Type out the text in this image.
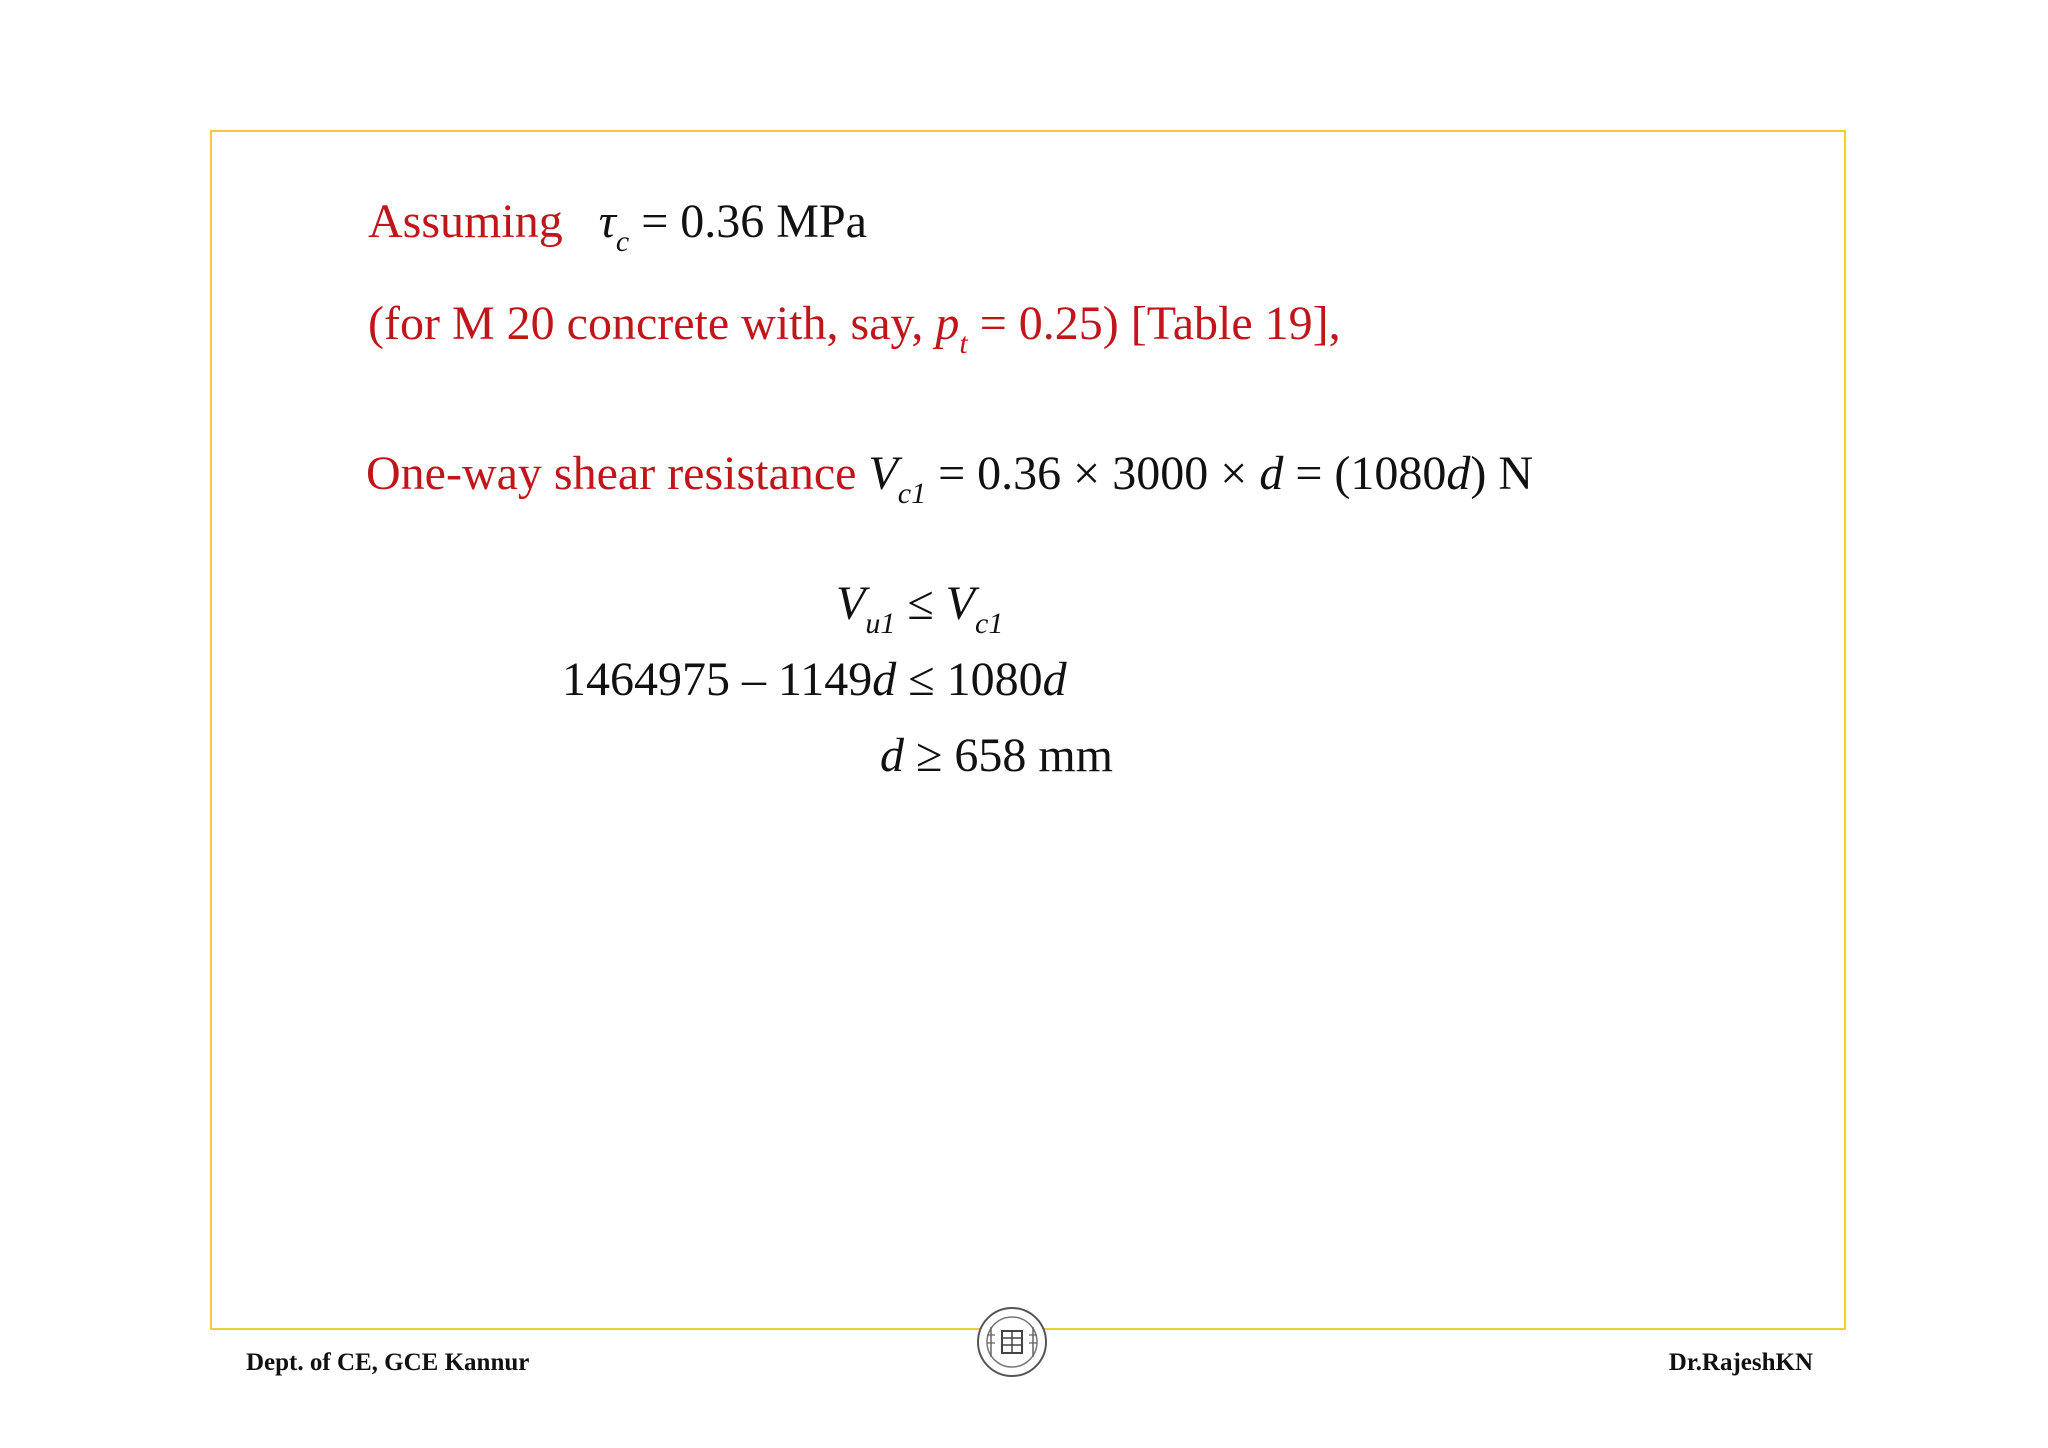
Assuming $\tau_c = 0.36$ MPa
(for M 20 concrete with, say, $p_t = 0.25$) [Table 19],
One-way shear resistance $V_{c1} = 0.36 \times 3000 \times d = (1080d)$ N
$V_{u1} \le V_{c1}$
1464975 – 1149d ≤ 1080d
d ≥ 658 mm
Dept. of CE, GCE Kannur	Dr.RajeshKN
